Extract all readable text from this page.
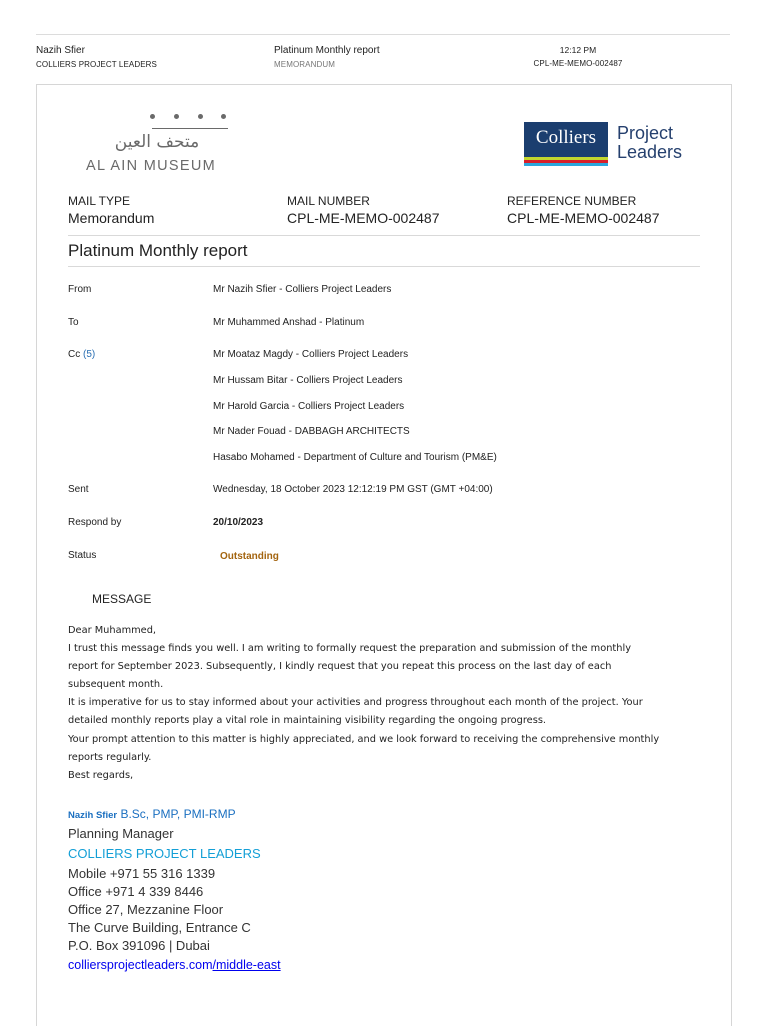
Nazih Sfier
COLLIERS PROJECT LEADERS
Platinum Monthly report
MEMORANDUM
12:12 PM
CPL-ME-MEMO-002487
متحف العين
AL AIN MUSEUM
Colliers	Project
Leaders
MAIL TYPE
Memorandum
MAIL NUMBER
CPL-ME-MEMO-002487
REFERENCE NUMBER
CPL-ME-MEMO-002487
Platinum Monthly report
From	Mr Nazih Sfier - Colliers Project Leaders
To	Mr Muhammed Anshad - Platinum
Cc (5)	Mr Moataz Magdy - Colliers Project Leaders
Mr Hussam Bitar - Colliers Project Leaders
Mr Harold Garcia - Colliers Project Leaders
Mr Nader Fouad - DABBAGH ARCHITECTS
Hasabo Mohamed - Department of Culture and Tourism (PM&E)
Sent	Wednesday, 18 October 2023 12:12:19 PM GST (GMT +04:00)
Respond by	20/10/2023
Status	Outstanding
MESSAGE

Dear Muhammed,

I trust this message finds you well. I am writing to formally request the preparation and submission of the monthly

report for September 2023. Subsequently, I kindly request that you repeat this process on the last day of each

subsequent month.

It is imperative for us to stay informed about your activities and progress throughout each month of the project. Your

detailed monthly reports play a vital role in maintaining visibility regarding the ongoing progress.

Your prompt attention to this matter is highly appreciated, and we look forward to receiving the comprehensive monthly

reports regularly.

Best regards,

Nazih Sfier B.Sc, PMP, PMI-RMP
Planning Manager
COLLIERS PROJECT LEADERS
Mobile +971 55 316 1339
Office +971 4 339 8446
Office 27, Mezzanine Floor
The Curve Building, Entrance C
P.O. Box 391096 | Dubai
colliersprojectleaders.com/middle-east
